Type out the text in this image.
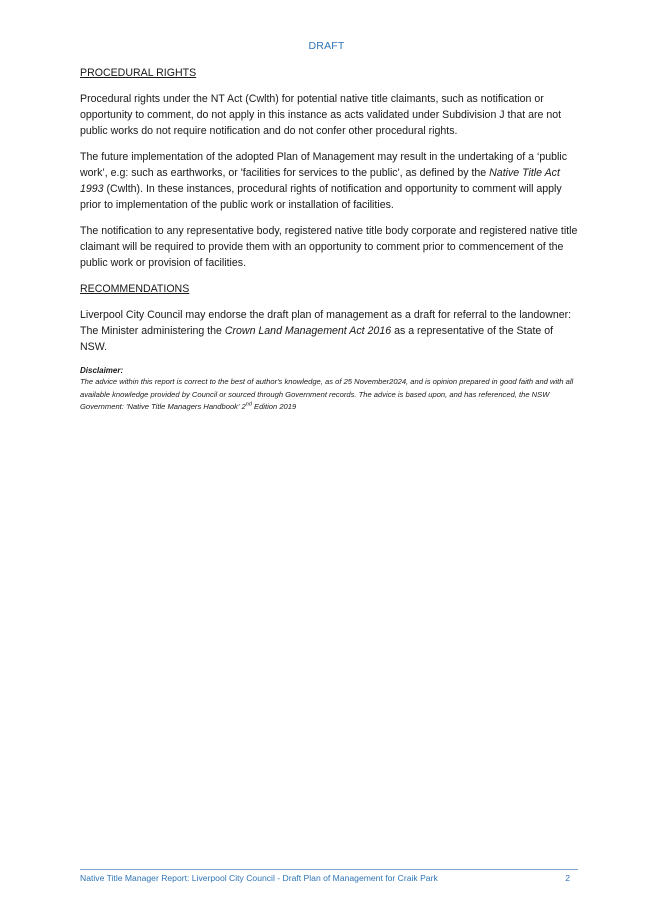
DRAFT

PROCEDURAL RIGHTS

Procedural rights under the NT Act (Cwlth) for potential native title claimants, such as notification or opportunity to comment, do not apply in this instance as acts validated under Subdivision J that are not public works do not require notification and do not confer other procedural rights.

The future implementation of the adopted Plan of Management may result in the undertaking of a ‘public work’, e.g: such as earthworks, or 'facilities for services to the public', as defined by the Native Title Act 1993 (Cwlth). In these instances, procedural rights of notification and opportunity to comment will apply prior to implementation of the public work or installation of facilities.

The notification to any representative body, registered native title body corporate and registered native title claimant will be required to provide them with an opportunity to comment prior to commencement of the public work or provision of facilities.

RECOMMENDATIONS

Liverpool City Council may endorse the draft plan of management as a draft for referral to the landowner: The Minister administering the Crown Land Management Act 2016 as a representative of the State of NSW.

Disclaimer:

The advice within this report is correct to the best of author's knowledge, as of 25 November2024, and is opinion prepared in good faith and with all available knowledge provided by Council or sourced through Government records. The advice is based upon, and has referenced, the NSW Government: 'Native Title Managers Handbook' 2nd Edition 2019

Native Title Manager Report: Liverpool City Council - Draft Plan of Management for Craik Park	2
